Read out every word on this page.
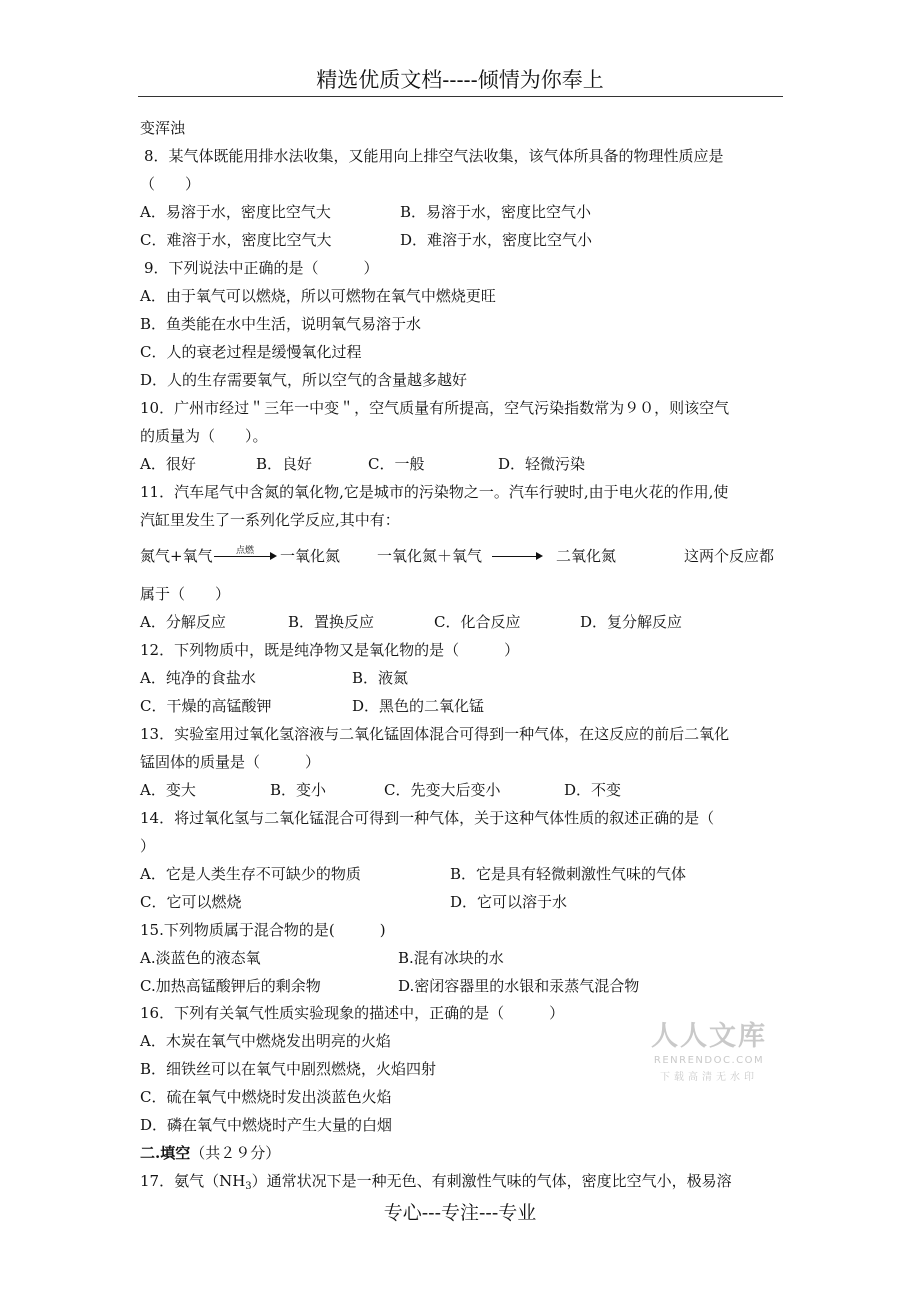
精选优质文档-----倾情为你奉上
变浑浊
8．某气体既能用排水法收集，又能用向上排空气法收集，该气体所具备的物理性质应是
（　　）
A．易溶于水，密度比空气大	B．易溶于水，密度比空气小
C．难溶于水，密度比空气大	D．难溶于水，密度比空气小
9．下列说法中正确的是（　　　）
A．由于氧气可以燃烧，所以可燃物在氧气中燃烧更旺
B．鱼类能在水中生活，说明氧气易溶于水
C．人的衰老过程是缓慢氧化过程
D．人的生存需要氧气，所以空气的含量越多越好
10．广州市经过＂三年一中变＂，空气质量有所提高，空气污染指数常为９０，则该空气
的质量为（　　）。
A．很好	B．良好	C．一般	D．轻微污染
11．汽车尾气中含氮的氧化物,它是城市的污染物之一。汽车行驶时,由于电火花的作用,使
汽缸里发生了一系列化学反应,其中有：
氮气+氧气	点燃 一氧化氮 一氧化氮＋氧气	二氧化氮	这两个反应都
属于（　　）
A．分解反应	B．置换反应	C．化合反应	D．复分解反应
12．下列物质中，既是纯净物又是氧化物的是（　　　）
A．纯净的食盐水	B．液氮
C．干燥的高锰酸钾	D．黑色的二氧化锰
13．实验室用过氧化氢溶液与二氧化锰固体混合可得到一种气体，在这反应的前后二氧化
锰固体的质量是（　　　）
A．变大	B．变小	C．先变大后变小	D．不变
14．将过氧化氢与二氧化锰混合可得到一种气体，关于这种气体性质的叙述正确的是（
）
A．它是人类生存不可缺少的物质	B．它是具有轻微刺激性气味的气体
C．它可以燃烧	D．它可以溶于水
15.下列物质属于混合物的是(　　　)
A.淡蓝色的液态氧	B.混有冰块的水
C.加热高锰酸钾后的剩余物	D.密闭容器里的水银和汞蒸气混合物
16．下列有关氧气性质实验现象的描述中，正确的是（　　　）
A．木炭在氧气中燃烧发出明亮的火焰
B．细铁丝可以在氧气中剧烈燃烧，火焰四射
C．硫在氧气中燃烧时发出淡蓝色火焰
D．磷在氧气中燃烧时产生大量的白烟
二.填空（共２９分）
17．氨气$(NH_3)$通常状况下是一种无色、有刺激性气味的气体，密度比空气小，极易溶
人人文库
RENRENDOC.COM
下载高清无水印
专心---专注---专业
